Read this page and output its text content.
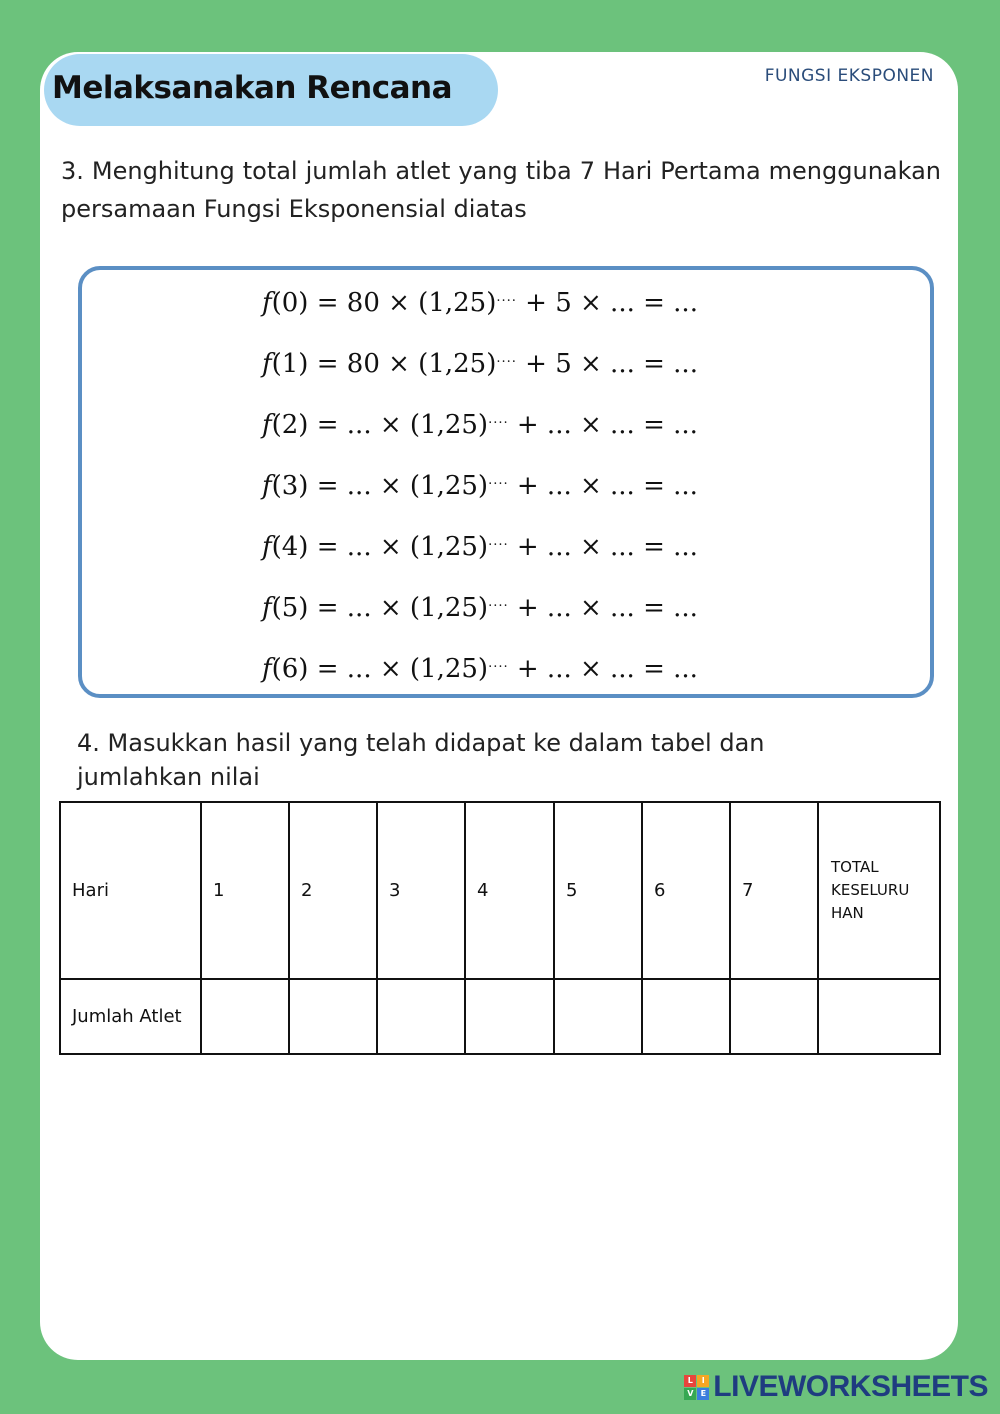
Melaksanakan Rencana	FUNGSI EKSPONEN
3. Menghitung total jumlah atlet yang tiba 7 Hari Pertama menggunakan persamaan Fungsi Eksponensial diatas
f(0) = 80 × (1,25).... + 5 × ... = ...
f(1) = 80 × (1,25).... + 5 × ... = ...
f(2) = ... × (1,25).... + ... × ... = ...
f(3) = ... × (1,25).... + ... × ... = ...
f(4) = ... × (1,25).... + ... × ... = ...
f(5) = ... × (1,25).... + ... × ... = ...
f(6) = ... × (1,25).... + ... × ... = ...
4. Masukkan hasil yang telah didapat ke dalam tabel dan jumlahkan nilai
Hari	1	2	3	4	5	6	7	TOTAL KESELURU HAN
Jumlah Atlet								
L	I
V E LIVEWORKSHEETS
